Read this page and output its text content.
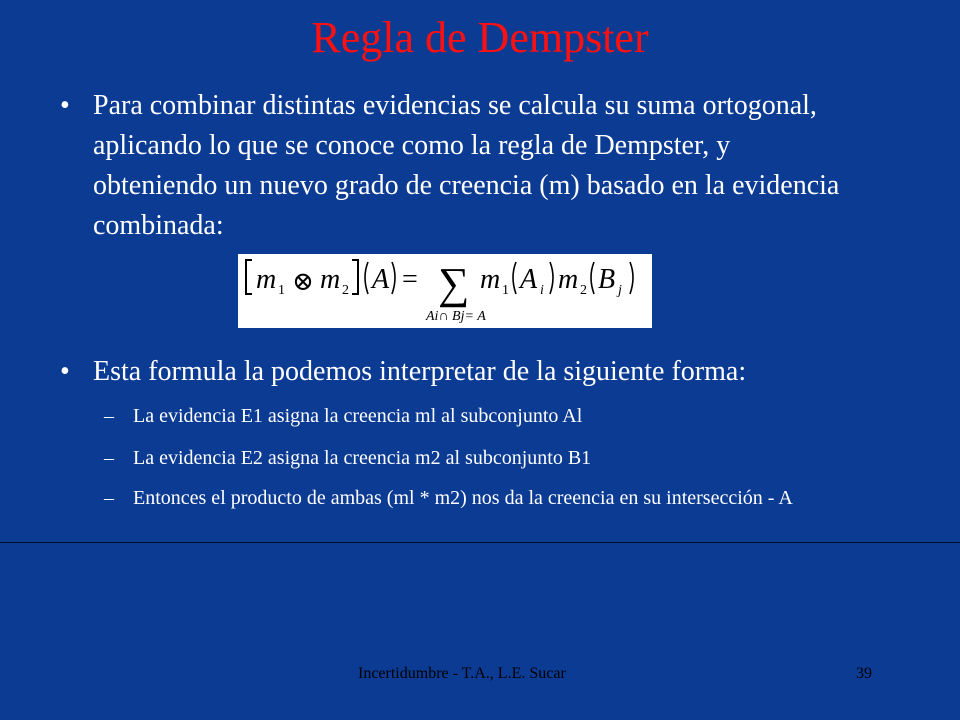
Regla de Dempster
• Para combinar distintas evidencias se calcula su suma ortogonal, aplicando lo que se conoce como la regla de Dempster, y obteniendo un nuevo grado de creencia (m) basado en la evidencia combinada:
m 1 ⊗ m 2 A = ∑
Ai∩ Bj= A
m 1 A i m 2 B j
• Esta formula la podemos interpretar de la siguiente forma:
– La evidencia E1 asigna la creencia ml al subconjunto Al
– La evidencia E2 asigna la creencia m2 al subconjunto B1
– Entonces el producto de ambas (ml * m2) nos da la creencia en su intersección - A
Incertidumbre - T.A., L.E. Sucar	39
